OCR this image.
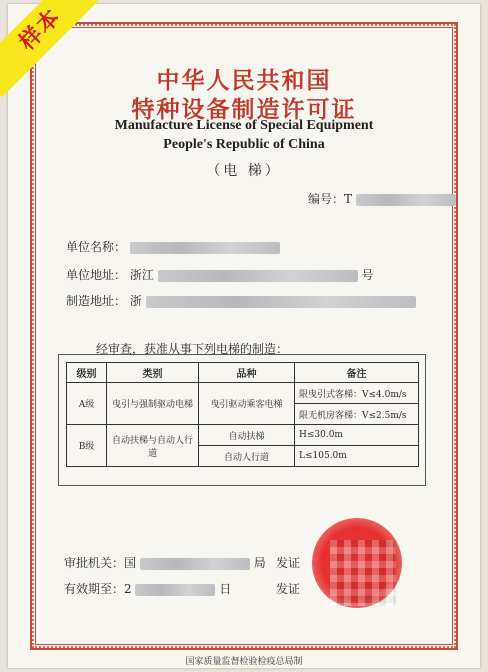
样本
中华人民共和国
特种设备制造许可证
Manufacture License of Special Equipment
People's Republic of China
（电 梯）
编号：T
单位名称：
单位地址： 浙江	号
制造地址： 浙
经审查，获准从事下列电梯的制造：
级别	类别	品种	备注
A级	曳引与强制驱动电梯	曳引驱动乘客电梯	限曳引式客梯：V≤4.0m/s
			限无机房客梯：V≤2.5m/s
B级	自动扶梯与自动人行道	自动扶梯	H≤30.0m
		自动人行道	L≤105.0m
审批机关：国	局
有效期至：2	日
发证
发证
国家质量监督检验检疫总局制
